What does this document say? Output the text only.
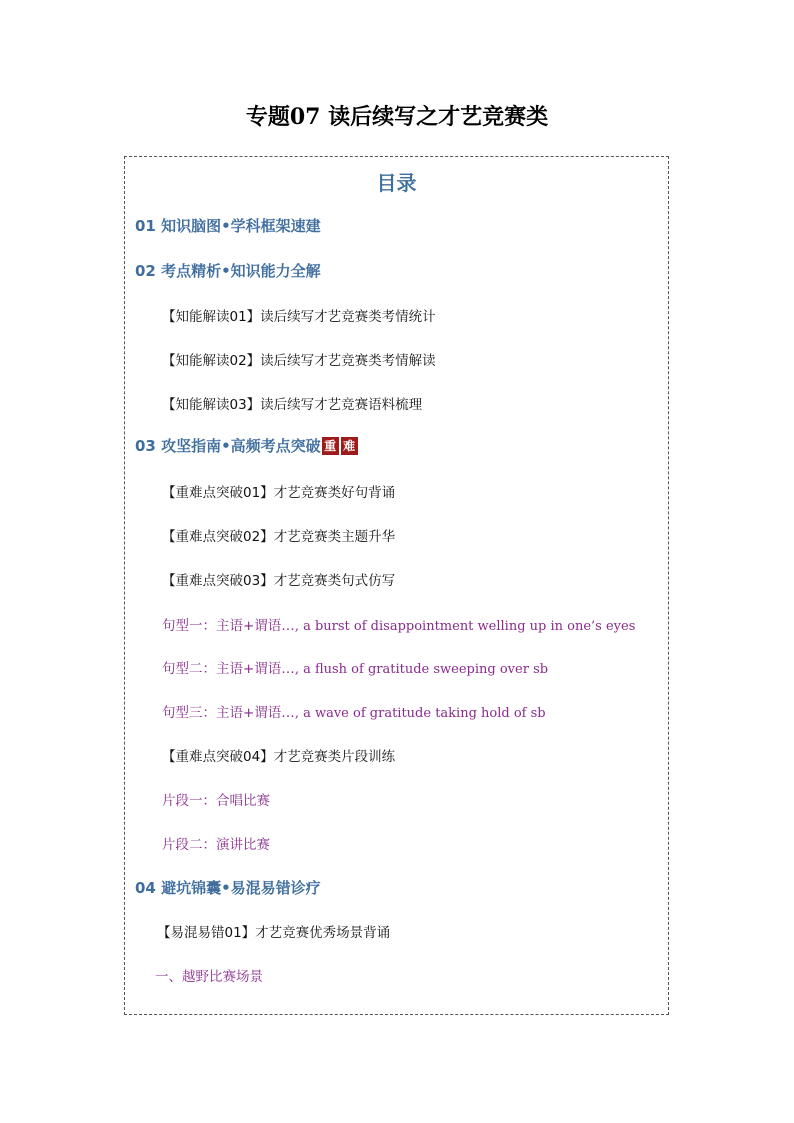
专题07 读后续写之才艺竞赛类
目录
01 知识脑图•学科框架速建
02 考点精析•知识能力全解
【知能解读01】读后续写才艺竞赛类考情统计
【知能解读02】读后续写才艺竞赛类考情解读
【知能解读03】读后续写才艺竞赛语料梳理
03 攻坚指南•高频考点突破 重 难
【重难点突破01】才艺竞赛类好句背诵
【重难点突破02】才艺竞赛类主题升华
【重难点突破03】才艺竞赛类句式仿写
句型一：主语+谓语…, a burst of disappointment welling up in one’s eyes
句型二：主语+谓语…, a flush of gratitude sweeping over sb
句型三：主语+谓语…, a wave of gratitude taking hold of sb
【重难点突破04】才艺竞赛类片段训练
片段一：合唱比赛
片段二：演讲比赛
04 避坑锦囊•易混易错诊疗
【易混易错01】才艺竞赛优秀场景背诵
一、越野比赛场景
